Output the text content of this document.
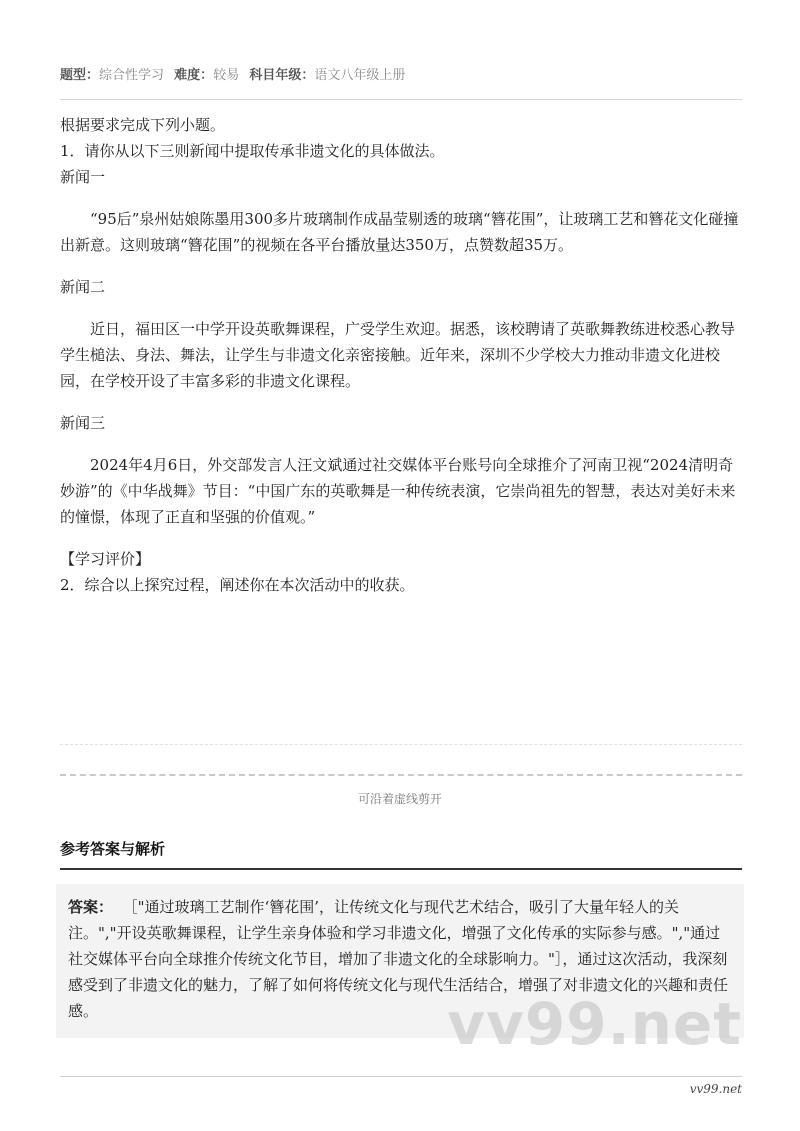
题型：综合性学习 难度：较易 科目年级：语文八年级上册

根据要求完成下列小题。

1．请你从以下三则新闻中提取传承非遗文化的具体做法。

新闻一

“95后”泉州姑娘陈墨用300多片玻璃制作成晶莹剔透的玻璃“簪花围”，让玻璃工艺和簪花文化碰撞出新意。这则玻璃“簪花围”的视频在各平台播放量达350万，点赞数超35万。

新闻二

近日，福田区一中学开设英歌舞课程，广受学生欢迎。据悉，该校聘请了英歌舞教练进校悉心教导学生槌法、身法、舞法，让学生与非遗文化亲密接触。近年来，深圳不少学校大力推动非遗文化进校园，在学校开设了丰富多彩的非遗文化课程。

新闻三

2024年4月6日，外交部发言人汪文斌通过社交媒体平台账号向全球推介了河南卫视“2024清明奇妙游”的《中华战舞》节目：“中国广东的英歌舞是一种传统表演，它崇尚祖先的智慧，表达对美好未来的憧憬，体现了正直和坚强的价值观。”

【学习评价】

2．综合以上探究过程，阐述你在本次活动中的收获。

可沿着虚线剪开
参考答案与解析
答案： ［"通过玻璃工艺制作‘簪花围’，让传统文化与现代艺术结合，吸引了大量年轻人的关注。","开设英歌舞课程，让学生亲身体验和学习非遗文化，增强了文化传承的实际参与感。","通过社交媒体平台向全球推介传统文化节目，增加了非遗文化的全球影响力。"］，通过这次活动，我深刻感受到了非遗文化的魅力，了解了如何将传统文化与现代生活结合，增强了对非遗文化的兴趣和责任感。	vv99.net
vv99.net
